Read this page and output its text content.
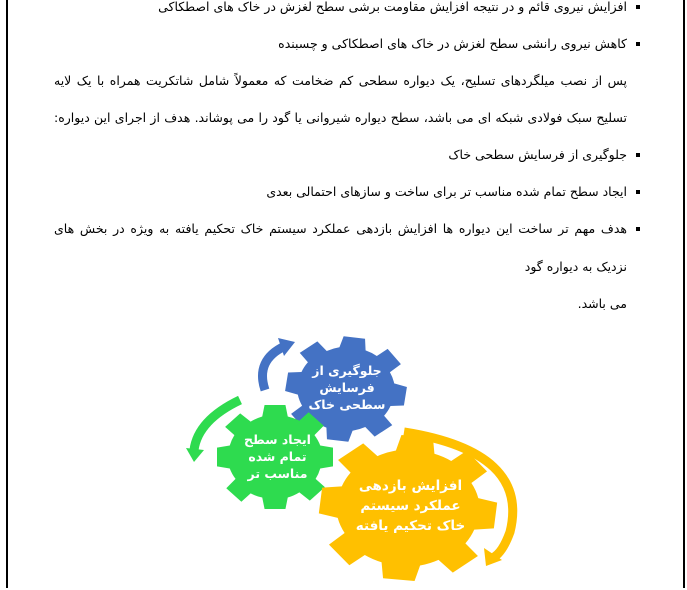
افزایش نیروی قائم و در نتیجه افزایش مقاومت برشی سطح لغزش در خاک های اصطکاکی
کاهش نیروی رانشی سطح لغزش در خاک های اصطکاکی و چسبنده
پس از نصب میلگردهای تسلیح، یک دیواره سطحی کم ضخامت که معمولاً شامل شاتکریت همراه با یک لایه
تسلیح سبک فولادی شبکه ای می باشد، سطح دیواره شیروانی یا گود را می پوشاند. هدف از اجرای این دیواره:
جلوگیری از فرسایش سطحی خاک
ایجاد سطح تمام شده مناسب تر برای ساخت و سازهای احتمالی بعدی
هدف مهم تر ساخت این دیواره ها افزایش بازدهی عملکرد سیستم خاک تحکیم یافته به ویژه در بخش های
نزدیک به دیواره گود
می باشد.
جلوگیری از
فرسایش
سطحی خاک
ایجاد سطح
تمام شده
مناسب تر
افزایش بازدهی
عملکرد سیستم
خاک تحکیم یافته
